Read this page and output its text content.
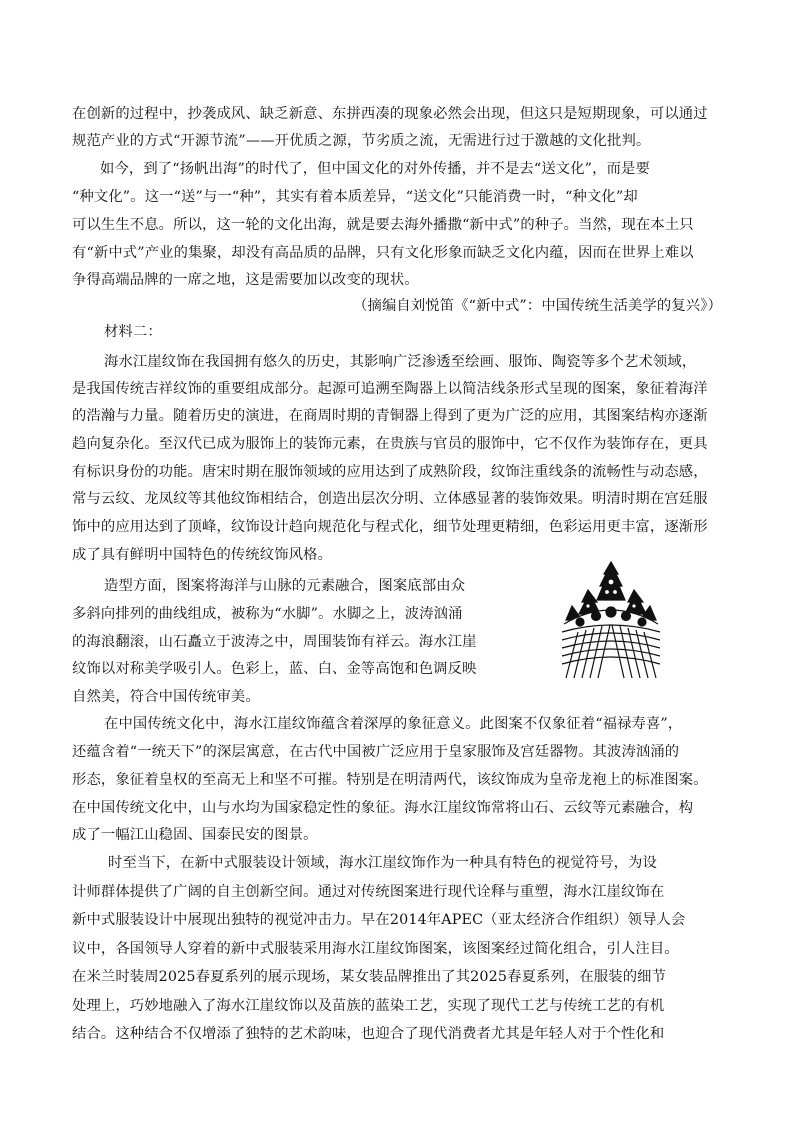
在创新的过程中，抄袭成风、缺乏新意、东拼西凑的现象必然会出现，但这只是短期现象，可以通过
规范产业的方式“开源节流”——开优质之源，节劣质之流，无需进行过于激越的文化批判。
如今，到了“扬帆出海”的时代了，但中国文化的对外传播，并不是去“送文化”，而是要
“种文化”。这一“送”与一“种”，其实有着本质差异，“送文化”只能消费一时，“种文化”却
可以生生不息。所以，这一轮的文化出海，就是要去海外播撒“新中式”的种子。当然，现在本土只
有“新中式”产业的集聚，却没有高品质的品牌，只有文化形象而缺乏文化内蕴，因而在世界上难以
争得高端品牌的一席之地，这是需要加以改变的现状。
（摘编自刘悦笛《“新中式”：中国传统生活美学的复兴》）
材料二：
海水江崖纹饰在我国拥有悠久的历史，其影响广泛渗透至绘画、服饰、陶瓷等多个艺术领域，
是我国传统吉祥纹饰的重要组成部分。起源可追溯至陶器上以简洁线条形式呈现的图案，象征着海洋
的浩瀚与力量。随着历史的演进，在商周时期的青铜器上得到了更为广泛的应用，其图案结构亦逐渐
趋向复杂化。至汉代已成为服饰上的装饰元素，在贵族与官员的服饰中，它不仅作为装饰存在，更具
有标识身份的功能。唐宋时期在服饰领域的应用达到了成熟阶段，纹饰注重线条的流畅性与动态感，
常与云纹、龙凤纹等其他纹饰相结合，创造出层次分明、立体感显著的装饰效果。明清时期在宫廷服
饰中的应用达到了顶峰，纹饰设计趋向规范化与程式化，细节处理更精细，色彩运用更丰富，逐渐形
成了具有鲜明中国特色的传统纹饰风格。
造型方面，图案将海洋与山脉的元素融合，图案底部由众
多斜向排列的曲线组成，被称为“水脚”。水脚之上，波涛汹涌
的海浪翻滚，山石矗立于波涛之中，周围装饰有祥云。海水江崖
纹饰以对称美学吸引人。色彩上，蓝、白、金等高饱和色调反映
自然美，符合中国传统审美。
在中国传统文化中，海水江崖纹饰蕴含着深厚的象征意义。此图案不仅象征着“福禄寿喜”，
还蕴含着“一统天下”的深层寓意，在古代中国被广泛应用于皇家服饰及宫廷器物。其波涛汹涌的
形态，象征着皇权的至高无上和坚不可摧。特别是在明清两代，该纹饰成为皇帝龙袍上的标准图案。
在中国传统文化中，山与水均为国家稳定性的象征。海水江崖纹饰常将山石、云纹等元素融合，构
成了一幅江山稳固、国泰民安的图景。
时至当下，在新中式服装设计领域，海水江崖纹饰作为一种具有特色的视觉符号，为设
计师群体提供了广阔的自主创新空间。通过对传统图案进行现代诠释与重塑，海水江崖纹饰在
新中式服装设计中展现出独特的视觉冲击力。早在2014年APEC（亚太经济合作组织）领导人会
议中，各国领导人穿着的新中式服装采用海水江崖纹饰图案，该图案经过简化组合，引人注目。
在米兰时装周2025春夏系列的展示现场，某女装品牌推出了其2025春夏系列，在服装的细节
处理上，巧妙地融入了海水江崖纹饰以及苗族的蓝染工艺，实现了现代工艺与传统工艺的有机
结合。这种结合不仅增添了独特的艺术韵味，也迎合了现代消费者尤其是年轻人对于个性化和
